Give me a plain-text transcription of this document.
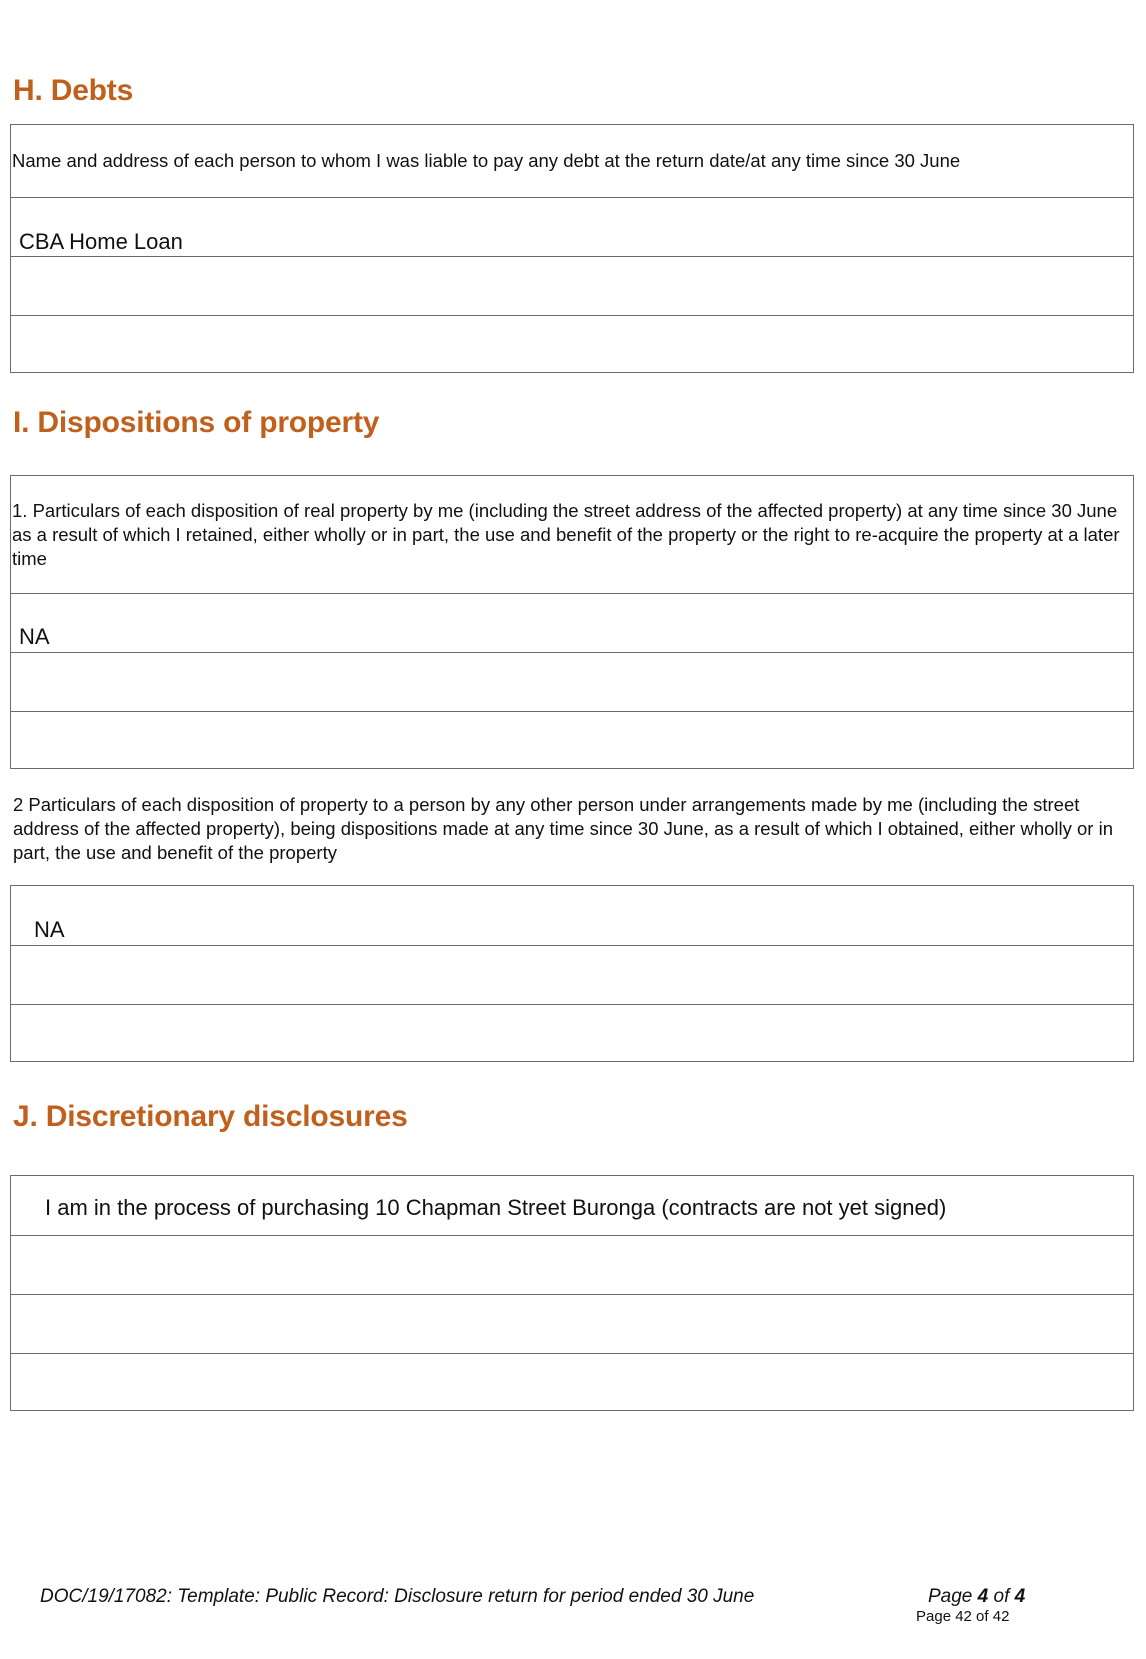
H. Debts
Name and address of each person to whom I was liable to pay any debt at the return date/at any time since 30 June
CBA Home Loan
I. Dispositions of property
1. Particulars of each disposition of real property by me (including the street address of the affected property) at any time since 30 June as a result of which I retained, either wholly or in part, the use and benefit of the property or the right to re-acquire the property at a later time
NA

2 Particulars of each disposition of property to a person by any other person under arrangements made by me (including the street address of the affected property), being dispositions made at any time since 30 June, as a result of which I obtained, either wholly or in part, the use and benefit of the property

NA
J. Discretionary disclosures
I am in the process of purchasing 10 Chapman Street Buronga (contracts are not yet signed)
DOC/19/17082: Template: Public Record: Disclosure return for period ended 30 June	Page 4 of 4
Page 42 of 42
